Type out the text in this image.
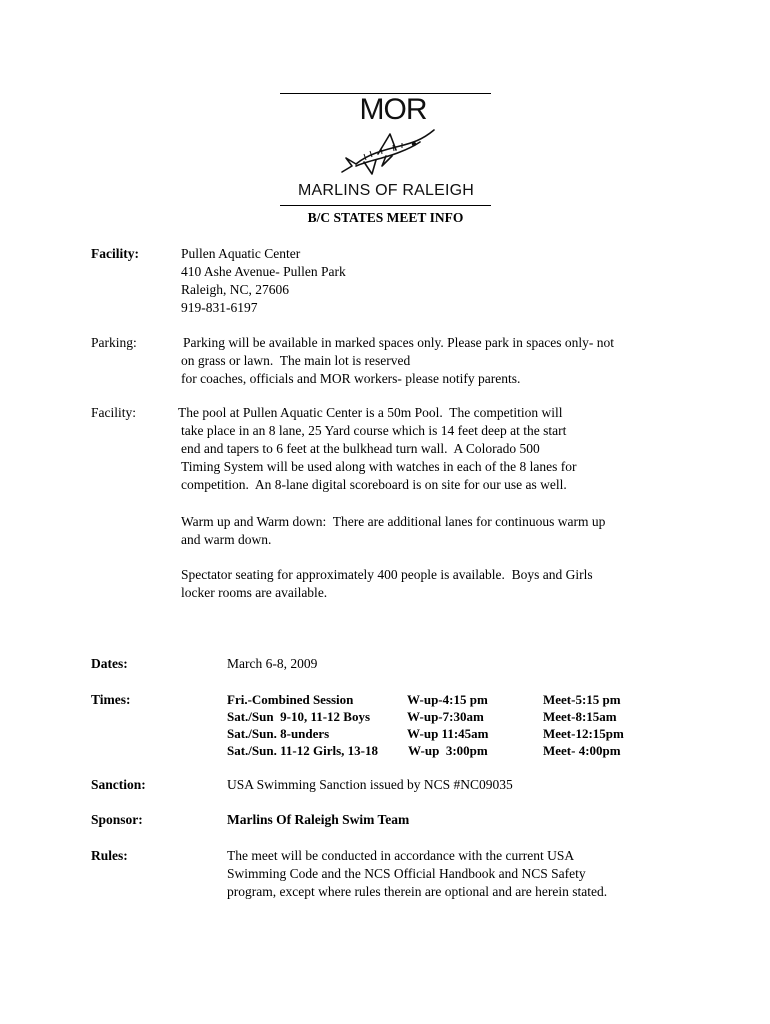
MOR
MARLINS OF RALEIGH
B/C STATES MEET INFO
Facility:	Pullen Aquatic Center
410 Ashe Avenue- Pullen Park
Raleigh, NC, 27606
919-831-6197
Parking:	Parking will be available in marked spaces only. Please park in spaces only- not
on grass or lawn.  The main lot is reserved
for coaches, officials and MOR workers- please notify parents.
Facility:	The pool at Pullen Aquatic Center is a 50m Pool.  The competition will
take place in an 8 lane, 25 Yard course which is 14 feet deep at the start
end and tapers to 6 feet at the bulkhead turn wall.  A Colorado 500
Timing System will be used along with watches in each of the 8 lanes for
competition.  An 8-lane digital scoreboard is on site for our use as well.
Warm up and Warm down:  There are additional lanes for continuous warm up
and warm down.
Spectator seating for approximately 400 people is available.  Boys and Girls
locker rooms are available.
Dates:	March 6-8, 2009
Times:	Fri.-Combined Session	W-up-4:15 pm	Meet-5:15 pm
Sat./Sun  9-10, 11-12 Boys	W-up-7:30am	Meet-8:15am
Sat./Sun. 8-unders	W-up 11:45am	Meet-12:15pm
Sat./Sun. 11-12 Girls, 13-18 W-up  3:00pm	Meet- 4:00pm
Sanction:	USA Swimming Sanction issued by NCS #NC09035
Sponsor:	Marlins Of Raleigh Swim Team
Rules:	The meet will be conducted in accordance with the current USA
Swimming Code and the NCS Official Handbook and NCS Safety
program, except where rules therein are optional and are herein stated.
